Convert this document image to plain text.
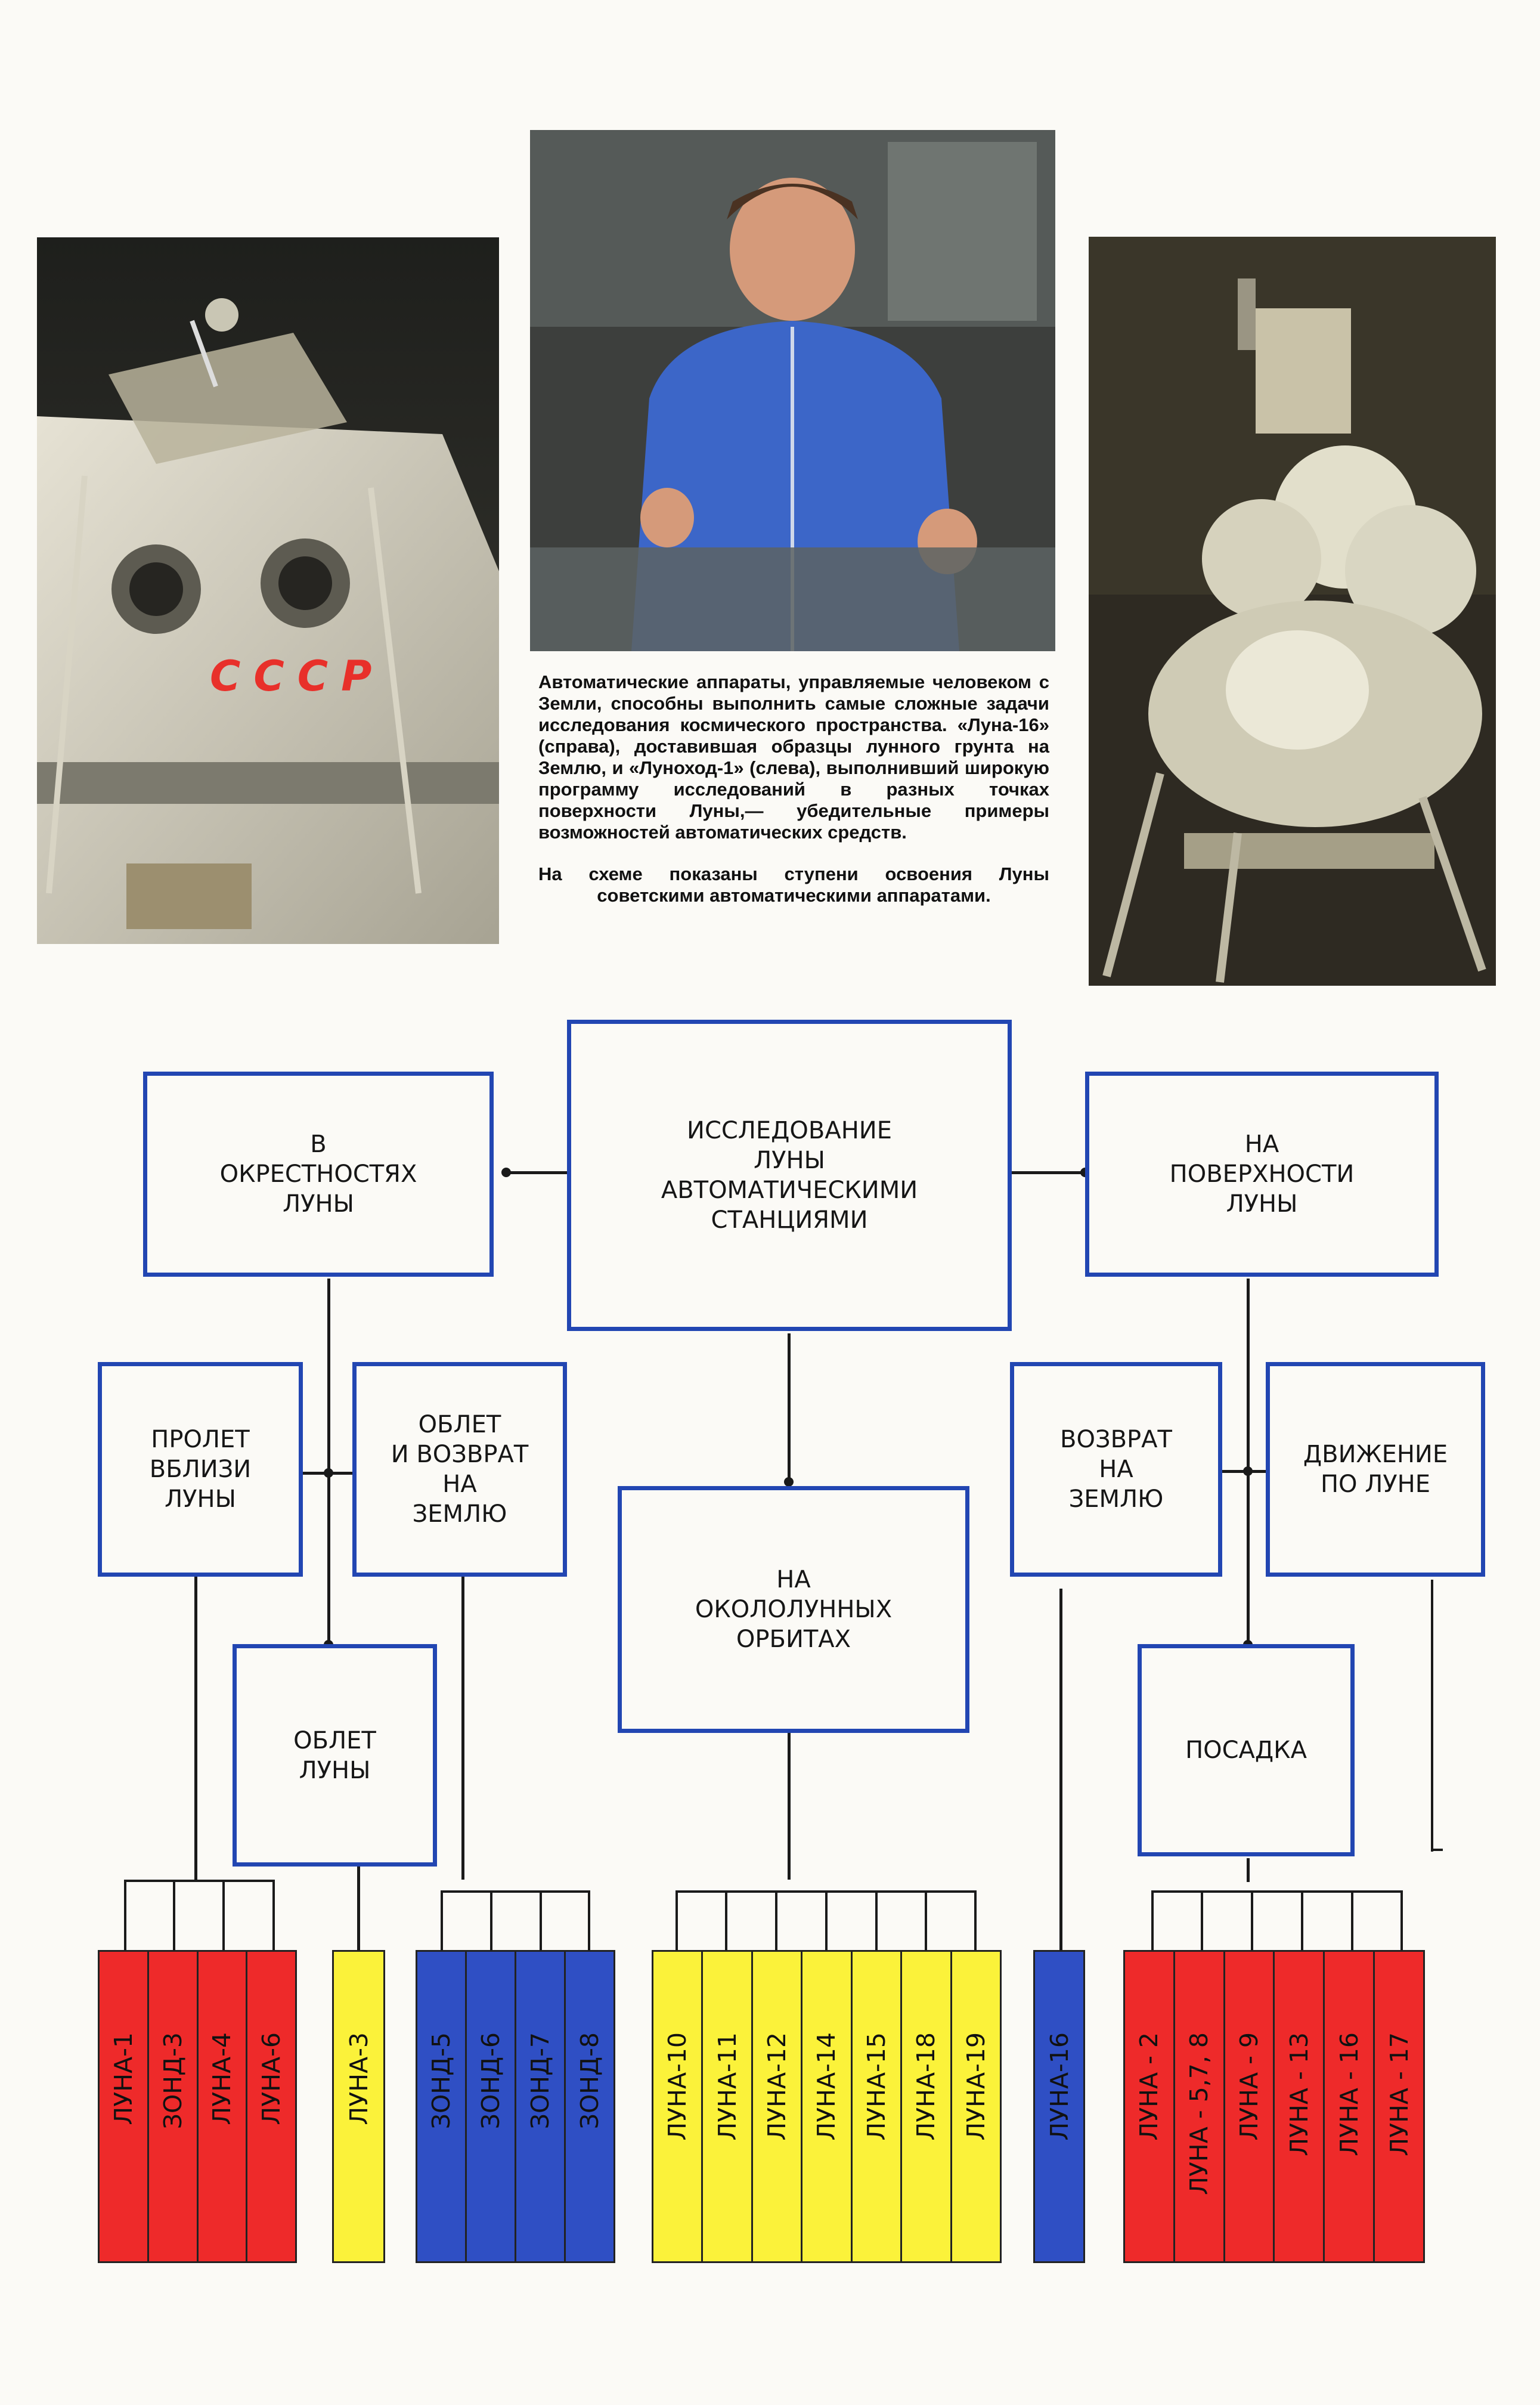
СССР	Автоматические аппараты, управляемые человеком с Земли, способны выполнить самые сложные задачи исследования космического пространства. «Луна-16» (справа), доставившая образцы лунного грунта на Землю, и «Луноход-1» (слева), выполнивший широкую программу исследований в разных точках поверхности Луны,— убедительные примеры возможностей автоматических средств.

На схеме показаны ступени освоения Луны советскими автоматическими аппаратами.

ИССЛЕДОВАНИЕ
ЛУНЫ
АВТОМАТИЧЕСКИМИ
СТАНЦИЯМИ
В
ОКРЕСТНОСТЯХ
ЛУНЫ
НА
ПОВЕРХНОСТИ
ЛУНЫ
ПРОЛЕТ
ВБЛИЗИ
ЛУНЫ
ОБЛЕТ
И ВОЗВРАТ
НА
ЗЕМЛЮ
ОБЛЕТ
ЛУНЫ
НА
ОКОЛОЛУННЫХ
ОРБИТАХ
ВОЗВРАТ
НА
ЗЕМЛЮ
ДВИЖЕНИЕ
ПО ЛУНЕ
ПОСАДКА
ЛУНА-1 ЗОНД-3 ЛУНА-4 ЛУНА-6 ЛУНА-3 ЗОНД-5 ЗОНД-6 ЗОНД-7 ЗОНД-8 ЛУНА-10 ЛУНА-11 ЛУНА-12 ЛУНА-14 ЛУНА-15 ЛУНА-18 ЛУНА-19 ЛУНА-16	ЛУНА - 2 ЛУНА - 5,7, 8 ЛУНА - 9 ЛУНА - 13 ЛУНА - 16 ЛУНА - 17
